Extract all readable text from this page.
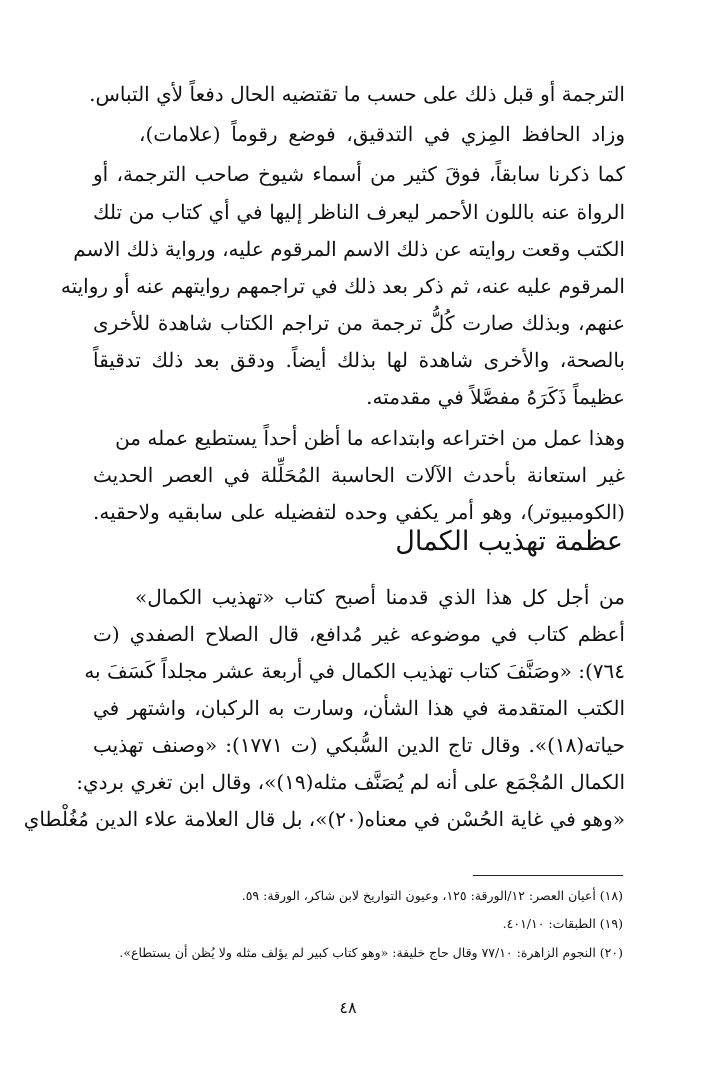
الترجمة أو قبل ذلك على حسب ما تقتضيه الحال دفعاً لأي التباس.
وزاد الحافظ المِزي في التدقيق، فوضع رقوماً (علامات)،
كما ذكرنا سابقاً، فوقَ كثير من أسماء شيوخ صاحب الترجمة، أو
الرواة عنه باللون الأحمر ليعرف الناظر إليها في أي كتاب من تلك
الكتب وقعت روايته عن ذلك الاسم المرقوم عليه، ورواية ذلك الاسم
المرقوم عليه عنه، ثم ذكر بعد ذلك في تراجمهم روايتهم عنه أو روايته
عنهم، وبذلك صارت كُلُّ ترجمة من تراجم الكتاب شاهدة للأخرى
بالصحة، والأخرى شاهدة لها بذلك أيضاً. ودقق بعد ذلك تدقيقاً
عظيماً ذَكَرَهُ مفصَّلاً في مقدمته.
وهذا عمل من اختراعه وابتداعه ما أظن أحداً يستطيع عمله من
غير استعانة بأحدث الآلات الحاسبة المُحَلِّلة في العصر الحديث
(الكومبيوتر)، وهو أمر يكفي وحده لتفضيله على سابقيه ولاحقيه.
عظمة تهذيب الكمال
من أجل كل هذا الذي قدمنا أصبح كتاب «تهذيب الكمال»
أعظم كتاب في موضوعه غير مُدافع، قال الصلاح الصفدي (ت
٧٦٤): «وصَنَّفَ كتاب تهذيب الكمال في أربعة عشر مجلداً كَسَفَ به
الكتب المتقدمة في هذا الشأن، وسارت به الركبان، واشتهر في
حياته(١٨)». وقال تاج الدين السُّبكي (ت ١٧٧١): «وصنف تهذيب
الكمال المُجْمَع على أنه لم يُصَنَّف مثله(١٩)»، وقال ابن تغري بردي:
«وهو في غاية الحُسْن في معناه(٢٠)»، بل قال العلامة علاء الدين مُغُلْطاي
(١٨) أعيان العصر: ١٢/الورقة: ١٢٥، وعيون التواريخ لابن شاكر، الورقة: ٥٩.
(١٩) الطبقات: ٤٠١/١٠.
(٢٠) النجوم الزاهرة: ٧٧/١٠ وقال حاج خليفة: «وهو كتاب كبير لم يؤلف مثله ولا يُظن أن يستطاع».
٤٨
